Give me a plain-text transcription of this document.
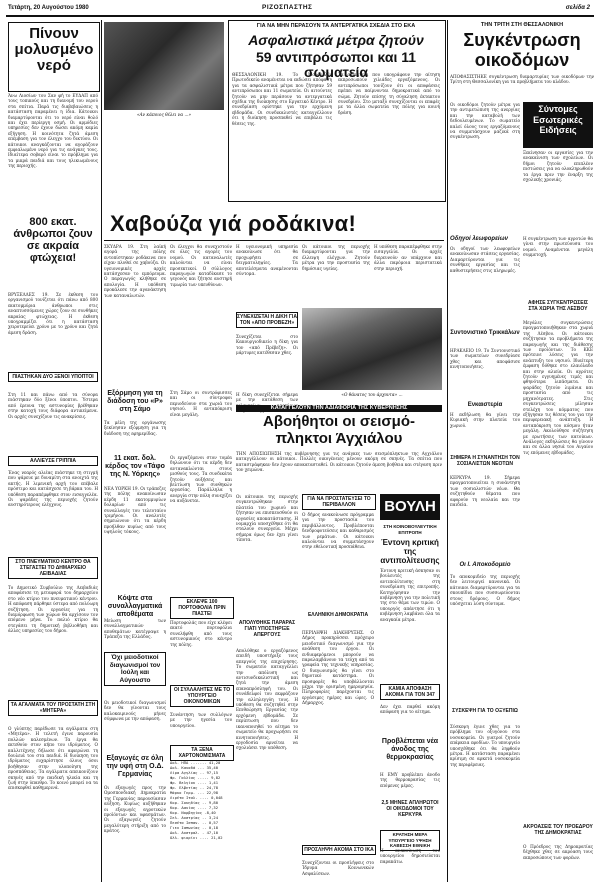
Τετάρτη, 20 Αυγούστου 1980	ΡΙΖΟΣΠΑΣΤΗΣ	σελίδα 2
Πίνουν μολυσμένο νερό
Άνω Λιοσίων του Σαν φή το ΕΥΔΑΠ από τους τοπικούς και τη διανομή του νερού στα σπίτια. Παρά τις διαβεβαιώσεις η κατάσταση παραμένει η ίδια. Κάτοικοι διαμαρτύρονται ότι το νερό είναι θολό και έχει περίεργη οσμή. Οι αρμόδιες υπηρεσίες δεν έχουν δώσει ακόμη καμία εξήγηση. Η κοινότητα ζητά άμεση επέμβαση για τον έλεγχο του δικτύου. Οι κάτοικοι αναγκάζονται να αγοράζουν εμφιαλωμένο νερό για τις ανάγκες τους. Ιδιαίτερα σοβαρό είναι το πρόβλημα για τα μικρά παιδιά και τους ηλικιωμένους της περιοχής.
800 εκατ. άνθρωποι ζουν σε ακραία φτώχεια!
ΒΡΥΞΕΛΛΕΣ 19. Σε έκθεση του οργανισμού τονίζεται ότι πάνω από 800 εκατομμύρια άνθρωποι στις αναπτυσσόμενες χώρες ζουν σε συνθήκες ακραίας φτώχειας. Η έκθεση υπογραμμίζει ότι η κατάσταση χειροτερεύει χρόνο με το χρόνο και ζητά άμεση δράση.
ΠΙΑΣΤΗΚΑΝ ΔΥΟ ΞΕΝΟΙ ΥΠΟΠΤΟΙ
Στη 11 και πάνω από τα σύνορα πιάστηκαν δύο ξένοι ύποπτοι. Ύστερα από έρευνα της αστυνομίας βρέθηκαν στην κατοχή τους διάφορα αντικείμενα. Οι αρχές συνεχίζουν τις ανακρίσεις.
ΑΛΛΙΕΥΣΕ ΓΡΙΠΠΙΑ
Ένας νεαρός αλιέας πιάστηκε τη στιγμή που ψάρευε με δυναμίτη στα ανοιχτά της ακτής. Η λιμενική αρχή του επέβαλε πρόστιμο και κατάσχεσε τη βάρκα του. Η υπόθεση παραπέμφθηκε στον εισαγγελέα. Οι ψαράδες της περιοχής ζητούν αυστηρότερους ελέγχους.
ΣΤΟ ΠΝΕΥΜΑΤΙΚΟ ΚΕΝΤΡΟ ΘΑ ΣΤΕΓΑΣΤΕΙ ΤΟ ΔΗΜΑΡΧΕΙΟ ΛΕΙΒΑΔΙΑΣ
Το Δημοτικό Συμβούλιο της Λειβαδιάς αποφάσισε τη μεταφορά του δημαρχείου στο νέο κτίριο του πνευματικού κέντρου. Η απόφαση πάρθηκε ύστερα από πολύωρη συζήτηση. Οι εργασίες για τη διαμόρφωση των χώρων θα αρχίσουν τον επόμενο μήνα. Το παλιό κτίριο θα στεγάσει τη δημοτική βιβλιοθήκη και άλλες υπηρεσίες του δήμου.
ΤΑ ΑΓΑΛΜΑΤΑ ΤΟΥ ΠΡΟΣΤΑΤΗ ΣΤΗ «ΜΗΤΕΡΑ»
Ο γλύπτης παρέδωσε τα αγάλματα στη «Μητέρα». Η τελετή έγινε παρουσία πολλών καλεσμένων. Τα έργα θα εκτεθούν στον κήπο του ιδρύματος. Ο καλλιτέχνης δήλωσε ότι αφιερώνει τη δουλειά του στα παιδιά. Η διοίκηση του ιδρύματος ευχαρίστησε όλους όσοι βοήθησαν στην υλοποίηση της προσπάθειας. Τα αγάλματα απεικονίζουν σκηνές από την παιδική ηλικία και τη ζωή στην ύπαιθρο. Το κοινό μπορεί να τα επισκεφθεί καθημερινά.
«Αν κάποιος θέλει να ...»
ΓΙΑ ΝΑ ΜΗΝ ΠΕΡΑΣΟΥΝ ΤΑ ΑΝΤΕΡΓΑΤΙΚΑ ΣΧΕΔΙΑ ΣΤΟ ΕΚΑ
Ασφαλιστικά μέτρα ζητούν
59 αντιπρόσωποι και 11 σωματεία
ΘΕΣΣΑΛΟΝΙΚΗ 19. Το Μονομελές Πρωτοδικείο αναμένεται να εκδώσει απόφαση για τα ασφαλιστικά μέτρα που ζήτησαν 59 αντιπρόσωποι και 11 σωματεία. Οι αιτούντες ζητούν να μην περάσουν τα αντεργατικά σχέδια της διοίκησης στο Εργατικό Κέντρο. Η συνεδρίαση ορίστηκε για την ερχόμενη εβδομάδα. Οι συνδικαλιστές καταγγέλλουν ότι η διοίκηση προσπαθεί να επιβάλει τις θέσεις της.
Τα σωματεία που υπογράφουν την αίτηση εκπροσωπούν χιλιάδες εργαζόμενους. Οι αντιπρόσωποι τονίζουν ότι οι αποφάσεις πρέπει να παίρνονται δημοκρατικά από το σώμα. Ζητούν επίσης τη σύγκληση έκτακτου συνεδρίου. Στο μεταξύ συνεχίζονται οι επαφές με τα άλλα σωματεία της πόλης για κοινή δράση.
Χαβούζα γιά ροδάκινα!
ΣΚΥΔΡΑ 19. Στη λαϊκή αγορά της πόλης εντοπίστηκαν ροδάκινα που είχαν πλυθεί σε χαβούζα. Οι υγειονομικές αρχές κατάσχεσαν το εμπόρευμα. Ο παραγωγός κλήθηκε σε απολογία. Η υπόθεση προκάλεσε την αγανάκτηση των καταναλωτών.
Οι έλεγχοι θα συνεχιστούν σε όλες τις αγορές του νομού. Οι καταναλωτές καλούνται να είναι προσεκτικοί. Ο σύλλογος παραγωγών καταδίκασε το γεγονός και ζήτησε αυστηρή τιμωρία των υπευθύνων.
Η υγειονομική υπηρεσία ανακοίνωσε ότι θα προχωρήσει σε δειγματοληψίες. Τα αποτελέσματα αναμένονται σύντομα.
ΣΥΝΕΧΙΖΕΤΑΙ Η ΔΙΚΗ ΓΙΑ ΤΟΝ «ΑΠΟ ΠΡΟΒΕΖΗ»
Συνεχίζεται στο Κακουργιοδικείο η δίκη για τον «από Πρέβεζη». Οι μάρτυρες κατέθεσαν χθες.
Οι κάτοικοι της περιοχής διαμαρτύρονται για την έλλειψη ελέγχων. Ζητούν μέτρα για την προστασία της δημόσιας υγείας.
Η υπόθεση παραπέμφθηκε στην εισαγγελία. Οι αρχές διερευνούν αν υπάρχουν και άλλα παρόμοια περιστατικά στην περιοχή.
«Ο θάνατος του άρχοντα» ...
Εξόρμηση για τη διάδοση του «Ρ» στη Σάμο
Τα μέλη της οργάνωσης ξεκίνησαν εξόρμηση για τη διάδοση της εφημερίδας.
Στη Σάμο οι συντρόφισσες και οι σύντροφοι περιοδεύουν στα χωριά του νησιού. Η ανταπόκριση είναι μεγάλη.
Η δίκη συνεχίζεται σήμερα με την κατάθεση των
11 εκατ. δολ. κέρδος τον «Τάφο της Ν. Υόρκης»
ΝΕΑ ΥΟΡΚΗ 19. Οι τράπεζες της πόλης ανακοίνωσαν κέρδη 11 εκατομμυρίων δολαρίων από τις συναλλαγές του τελευταίου τριμήνου. Οι αναλυτές σημειώνουν ότι τα κέρδη προήλθαν κυρίως από τους υψηλούς τόκους.
Οι εργαζόμενοι στον τομέα δηλώνουν ότι τα κέρδη δεν αντανακλώνται στους μισθούς τους. Τα συνδικάτα ζητούν αυξήσεις και βελτίωση των συνθηκών εργασίας. Παράλληλα η ανεργία στην πόλη συνεχίζει να αυξάνεται.
Κόψτε στα συναλλαγματικά αποθέματα
Μείωση των συναλλαγματικών αποθεμάτων κατέγραψε η Τράπεζα της Ελλάδος.
Όχι μειοδοτικοί διαγωνισμοί τον Ιούλη και Αύγουστο
Οι μειοδοτικοί διαγωνισμοί δεν θα γίνονται τους καλοκαιρινούς μήνες σύμφωνα με την απόφαση.
Εξαγωγές σε όλη την υφή στη Ο.Δ. Γερμανίας
Οι εξαγωγές προς την Ομοσπονδιακή Δημοκρατία της Γερμανίας παρουσίασαν αύξηση. Κυρίως αυξήθηκαν οι εξαγωγές αγροτικών προϊόντων και υφασμάτων. Οι εξαγωγείς ζητούν μεγαλύτερη στήριξη από το κράτος.
ΚΑΤΑΓΓΕΛΟΥΝ ΤΗΝ ΑΔΙΑΦΟΡΙΑ ΤΗΣ ΚΥΒΕΡΝΗΣΗΣ
Αβοήθητοι οι σεισμό-
πληκτοι Άγχιάλου
ΤΗΝ ΑΠΟΣΙΩΠΗΣΗ της κυβέρνησης για τις ανάγκες των σεισμόπληκτων της Αγχιάλου καταγγέλλουν οι κάτοικοι. Πολλές οικογένειες μένουν ακόμη σε σκηνές. Τα σπίτια που καταστράφηκαν δεν έχουν αποκατασταθεί. Οι κάτοικοι ζητούν άμεση βοήθεια και στέγαση πριν τον χειμώνα.
ΕΚΛΕΨΕ 100 ΠΟΡΤΟΦΟΛΙΑ ΠΡΙΝ ΠΙΑΣΤΕΙ
Πορτοφολάς που είχε κλέψει εκατό πορτοφόλια συνελήφθη από τους αστυνομικούς στο κέντρο της πόλης.
ΟΙ ΣΥΛΛΑΛΗΤΕΣ ΜΕ ΤΟ ΥΠΟΥΡΓΕΙΟ ΟΙΚΟΝΟΜΙΚΩΝ
Συνάντηση των συλλόγων με την ηγεσία του υπουργείου.
ΤΑ ΞΕΝΑ ΧΑΡΤΟΝΟΜΙΣΜΑΤΑ
Δολ. ΗΠΑ ....... 41,20
Δολ. Καναδά ... 35,40
Λίρα Αγγλίας .. 97,15
Φρ. Γαλλίας ..... 9,82
Φρ. Βελγίου .... 1,41
Φρ. Ελβετίας .. 24,78
Μάρκο Γερμ. ... 22,98
Λιρέτα Ιταλ. .... 0,048
Κορ. Σουηδίας .. 9,80
Κορ. Δανίας .... 7,32
Κορ. Νορβηγίας .8,40
Σελ. Αυστρίας .. 3,24
Πεσέτα Ισπαν. .. 0,57
Γιεν Ιαπωνίας .. 0,18
Δολ. Αυστραλ. . 47,10
Ολλ. φιορίνι .... 21,02
Οι κάτοικοι της περιοχής συγκεντρώθηκαν στην πλατεία του χωριού και ζήτησαν να επισπευσθούν οι εργασίες αποκατάστασης. Η νομαρχία υποσχέθηκε ότι θα σταλούν συνεργεία. Μέχρι σήμερα όμως δεν έχει γίνει τίποτα.
ΑΠΟΛΥΘΗΚΕ ΠΑΡΑΡΑΣ ΓΙΑΤΙ ΥΠΟΣΤΗΡΙΞΕ ΑΠΕΡΓΟΥΣ
Απολύθηκε ο εργαζόμενος επειδή υποστήριξε τους απεργούς της επιχείρησης. Το σωματείο καταγγέλλει την απόλυση ως αντισυνδικαλιστική και ζητά την άμεση επαναπρόσληψή του. Οι συνάδελφοί του εκφράζουν την αλληλεγγύη τους. Η υπόθεση θα συζητηθεί στην Επιθεώρηση Εργασίας την ερχόμενη εβδομάδα. Σε περίπτωση που δεν ικανοποιηθεί το αίτημα το σωματείο θα προχωρήσει σε κινητοποιήσεις. Η εργοδοσία αρνείται να σχολιάσει την υπόθεση.
ΓΙΑ ΝΑ ΠΡΟΣΤΑΤΕΥΣΕΙ ΤΟ ΠΕΡΙΒΑΛΛΟΝ
Ο δήμος ανακοίνωσε πρόγραμμα για την προστασία του περιβάλλοντος. Προβλέπονται δενδροφυτεύσεις και καθαρισμός των ρεμάτων. Οι κάτοικοι καλούνται να συμμετάσχουν στην εθελοντική προσπάθεια.
ΕΛΛΗΝΙΚΗ ΔΗΜΟΚΡΑΤΙΑ
ΠΕΡΙΛΗΨΗ ΔΙΑΚΗΡΥΞΗΣ. Ο Δήμος προκηρύσσει πρόχειρο μειοδοτικό διαγωνισμό για την ανάθεση του έργου. Οι ενδιαφερόμενοι μπορούν να παραλαμβάνουν τα τεύχη από τα γραφεία της τεχνικής υπηρεσίας. Ο διαγωνισμός θα γίνει στο δημοτικό κατάστημα. Οι προσφορές θα υποβάλλονται μέχρι την ορισμένη ημερομηνία. Πληροφορίες παρέχονται τις εργάσιμες ημέρες και ώρες. Ο Δήμαρχος.
ΠΡΟΣΛΗΨΗ ΑΚΟΜΑ ΣΤΟ ΙΚΑ
Συνεχίζονται οι προσλήψεις στο Ίδρυμα Κοινωνικών Ασφαλίσεων.
ΒΟΥΛΗ
ΣΤΗ ΚΟΙΝΟΒΟΥΛΕΥΤΙΚΗ ΕΠΙΤΡΟΠΗ
Έντονη κριτική της αντιπολίτευσης
Έντονη κριτική άσκησαν οι βουλευτές της αντιπολίτευσης στη συνεδρίαση της επιτροπής. Κατηγόρησαν την κυβέρνηση για την πολιτική της στο θέμα των τιμών. Ο υπουργός απάντησε ότι η κυβέρνηση λαμβάνει όλα τα αναγκαία μέτρα.
ΚΑΜΙΑ ΑΠΟΦΑΣΗ ΑΚΟΜΑ ΓΙΑ ΤΟΝ 347
Δεν έχει παρθεί ακόμη απόφαση για το αίτημα.
Προβλέπεται νέα άνοδος της θερμοκρασίας
Η ΕΜΥ προβλέπει άνοδο της θερμοκρασίας τις επόμενες μέρες.
2,5 ΜΗΝΕΣ ΑΠΛΗΡΩΤΟΙ ΟΙ ΟΙΚΟΔΟΜΟΙ ΤΟΥ ΚΕΡΚΥΡΑ
ΚΡΑΤΗΣΗ ΜΕΡΑ ΥΠΟΥΡΓΕΙΟ ΥΨΗΣΗ ΚΑΒΕΣΣΗ ΕΘΝΙΚΗ
Η ανακοίνωση του υπουργείου δημοσιεύεται παρακάτω.
ΤΗΝ ΤΡΙΤΗ ΣΤΗ ΘΕΣΣΑΛΟΝΙΚΗ
Συγκέντρωση οικοδόμων
ΑΠΟΦΑΣΙΣΤΗΚΕ συγκέντρωση διαμαρτυρίας των οικοδόμων την Τρίτη στη Θεσσαλονίκη για τα προβλήματα του κλάδου.
Οι οικοδόμοι ζητούν μέτρα για την αντιμετώπιση της ανεργίας και την καταβολή των δεδουλευμένων. Το σωματείο καλεί όλους τους εργαζόμενους να συμμετάσχουν μαζικά στη συγκέντρωση.
Σύντομες Εσωτερικές Ειδήσεις
Ξεκίνησαν οι εργασίες για την ανακαίνιση των σχολείων. Οι δήμοι ζητούν επιπλέον πιστώσεις για να ολοκληρωθούν τα έργα πριν την έναρξη της σχολικής χρονιάς.
Οδηγοί λεωφορείων
Οι οδηγοί των λεωφορείων ανακοίνωσαν στάσεις εργασίας. Διαμαρτύρονται για τις συνθήκες εργασίας και τις καθυστερήσεις στις πληρωμές.
Συντονιστικό Τρικκάλων
ΗΡΑΚΛΕΙΟ 19. Το Συντονιστικό των σωματείων συνεδρίασε χθες και αποφάσισε κινητοποιήσεις.
Ενκαιστερία
Η εκδήλωση θα γίνει την Κυριακή στην πλατεία του χωριού.
ΣΗΜΕΡΑ Η ΣΥΝΑΝΤΗΣΗ ΤΟΝ ΣΟΣΙΑΛΙΣΤΩΝ ΝΕΟΤΩΝ
ΚΕΡΚΥΡΑ 19. Σήμερα πραγματοποιείται η συνάντηση των σοσιαλιστών νέων. Θα συζητηθούν θέματα που αφορούν τη νεολαία και την παιδεία.
Οι Ι. Αποκοδομείο
Το αποκομιδείο της περιοχής δεν λειτουργεί κανονικά. Οι κάτοικοι διαμαρτύρονται για τα σκουπίδια που συσσωρεύονται στους δρόμους. Ο δήμος υπόσχεται λύση σύντομα.
ΣΥΣΚΕΨΗ ΓΙΑ ΤΟ ΟΞΥΕΠΙΩ
Σύσκεψη έγινε χθες για το πρόβλημα του οξυγόνου στα νοσοκομεία. Οι γιατροί ζητούν επάρκεια εφοδίων. Το υπουργείο υποσχέθηκε ότι θα ληφθούν μέτρα. Η κατάσταση παραμένει κρίσιμη σε αρκετά νοσοκομεία της περιφέρειας.
Η συγκέντρωση των αγροτών θα γίνει στην πρωτεύουσα του νομού. Αναμένεται μεγάλη συμμετοχή.
ΑΦΗΣΕ ΣΥΓΚΕΝΤΡΩΣΕΙΣ ΣΤΑ ΧΩΡΙΑ ΤΗΣ ΛΕΣΒΟΥ
Μεγάλες συγκεντρώσεις πραγματοποιήθηκαν στα χωριά της Λέσβου. Οι κάτοικοι συζήτησαν τα προβλήματα της παραγωγής και της διάθεσης των προϊόντων. Το ΚΚΕ πρότεινε λύσεις για την ανάπτυξη του νησιού. Ιδιαίτερη έμφαση δόθηκε στο ελαιόλαδο και στην αλιεία. Οι αγρότες ζητούν εγγυημένες τιμές και φθηνότερα λιπάσματα. Οι ψαράδες ζητούν λιμάνια και προστασία από τις μηχανότρατες. Στις συγκεντρώσεις μίλησαν στελέχη του κόμματος που εξήγησαν τις θέσεις του για την περιφερειακή ανάπτυξη. Η ανταπόκριση του κόσμου ήταν μεγάλη. Ακολούθησε συζήτηση με ερωτήσεις των κατοίκων. Ανάλογες εκδηλώσεις θα γίνουν και σε άλλα νησιά του Αιγαίου τις επόμενες εβδομάδες.
ΑΚΡΟΑΣΕΙΣ ΤΟΥ ΠΡΟΕΔΡΟΥ ΤΗΣ ΔΗΜΟΚΡΑΤΙΑΣ
Ο Πρόεδρος της Δημοκρατίας δέχθηκε χθες σε ακρόαση τους εκπροσώπους των φορέων.
